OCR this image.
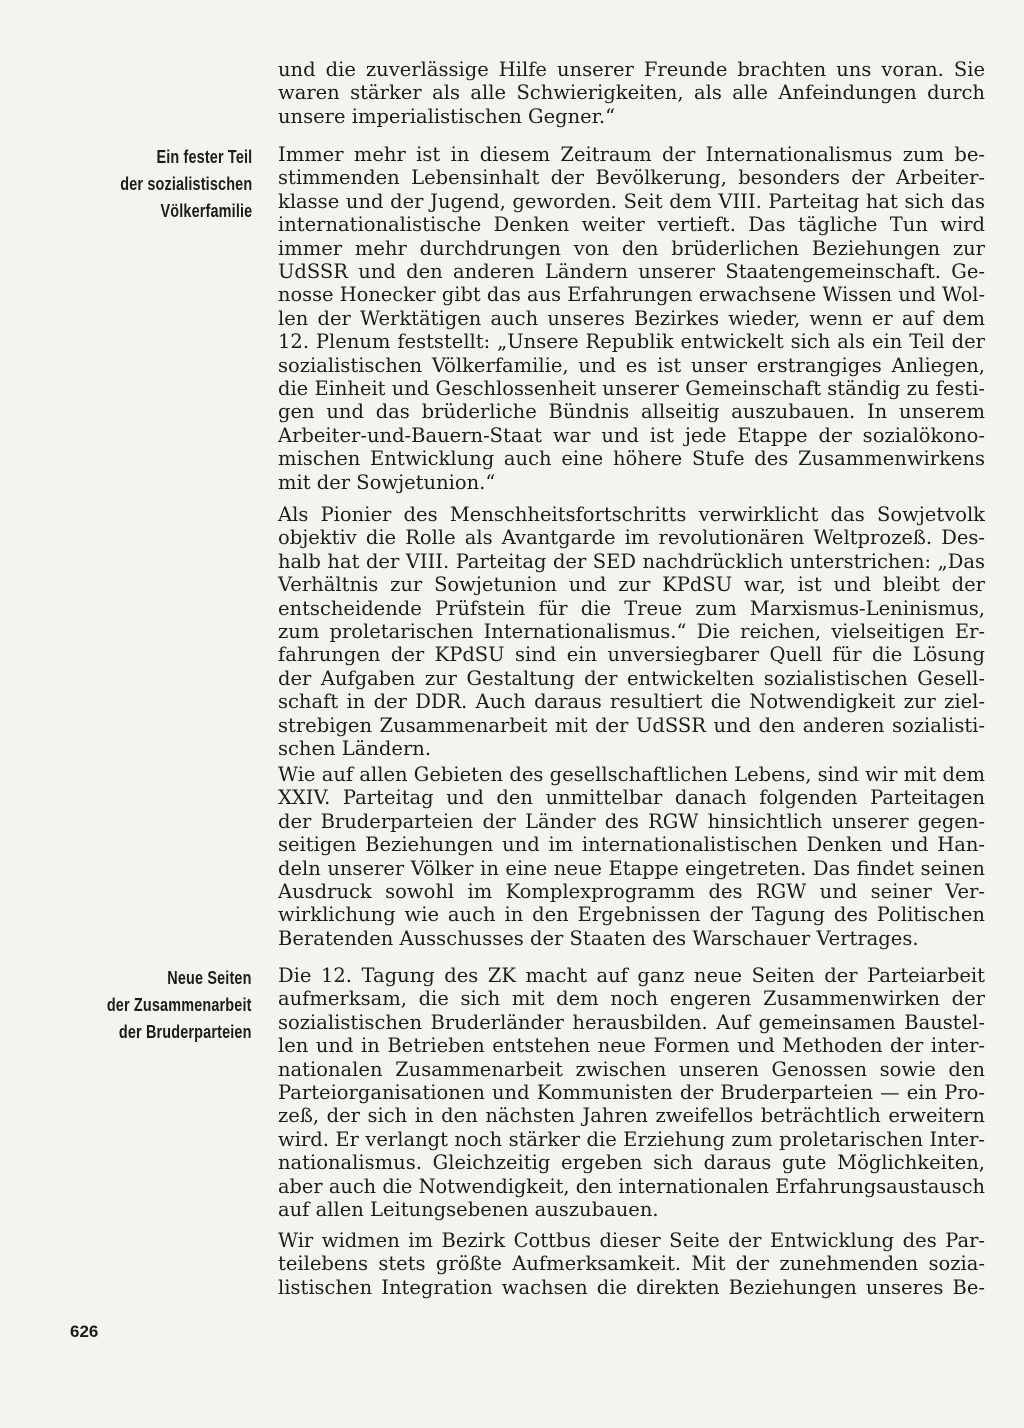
Ein fester Teil
der sozialistischen
Völkerfamilie
Neue Seiten
der Zusammenarbeit
der Bruderparteien
und die zuverlässige Hilfe unserer Freunde brachten uns voran. Sie
waren stärker als alle Schwierigkeiten, als alle Anfeindungen durch
unsere imperialistischen Gegner.“
Immer mehr ist in diesem Zeitraum der Internationalismus zum be-
stimmenden Lebensinhalt der Bevölkerung, besonders der Arbeiter-
klasse und der Jugend, geworden. Seit dem VIII. Parteitag hat sich das
internationalistische Denken weiter vertieft. Das tägliche Tun wird
immer mehr durchdrungen von den brüderlichen Beziehungen zur
UdSSR und den anderen Ländern unserer Staatengemeinschaft. Ge-
nosse Honecker gibt das aus Erfahrungen erwachsene Wissen und Wol-
len der Werktätigen auch unseres Bezirkes wieder, wenn er auf dem
12. Plenum feststellt: „Unsere Republik entwickelt sich als ein Teil der
sozialistischen Völkerfamilie, und es ist unser erstrangiges Anliegen,
die Einheit und Geschlossenheit unserer Gemeinschaft ständig zu festi-
gen und das brüderliche Bündnis allseitig auszubauen. In unserem
Arbeiter-und-Bauern-Staat war und ist jede Etappe der sozialökono-
mischen Entwicklung auch eine höhere Stufe des Zusammenwirkens
mit der Sowjetunion.“
Als Pionier des Menschheitsfortschritts verwirklicht das Sowjetvolk
objektiv die Rolle als Avantgarde im revolutionären Weltprozeß. Des-
halb hat der VIII. Parteitag der SED nachdrücklich unterstrichen: „Das
Verhältnis zur Sowjetunion und zur KPdSU war, ist und bleibt der
entscheidende Prüfstein für die Treue zum Marxismus-Leninismus,
zum proletarischen Internationalismus.“ Die reichen, vielseitigen Er-
fahrungen der KPdSU sind ein unversiegbarer Quell für die Lösung
der Aufgaben zur Gestaltung der entwickelten sozialistischen Gesell-
schaft in der DDR. Auch daraus resultiert die Notwendigkeit zur ziel-
strebigen Zusammenarbeit mit der UdSSR und den anderen sozialisti-
schen Ländern.
Wie auf allen Gebieten des gesellschaftlichen Lebens, sind wir mit dem
XXIV. Parteitag und den unmittelbar danach folgenden Parteitagen
der Bruderparteien der Länder des RGW hinsichtlich unserer gegen-
seitigen Beziehungen und im internationalistischen Denken und Han-
deln unserer Völker in eine neue Etappe eingetreten. Das findet seinen
Ausdruck sowohl im Komplexprogramm des RGW und seiner Ver-
wirklichung wie auch in den Ergebnissen der Tagung des Politischen
Beratenden Ausschusses der Staaten des Warschauer Vertrages.
Die 12. Tagung des ZK macht auf ganz neue Seiten der Parteiarbeit
aufmerksam, die sich mit dem noch engeren Zusammenwirken der
sozialistischen Bruderländer herausbilden. Auf gemeinsamen Baustel-
len und in Betrieben entstehen neue Formen und Methoden der inter-
nationalen Zusammenarbeit zwischen unseren Genossen sowie den
Parteiorganisationen und Kommunisten der Bruderparteien — ein Pro-
zeß, der sich in den nächsten Jahren zweifellos beträchtlich erweitern
wird. Er verlangt noch stärker die Erziehung zum proletarischen Inter-
nationalismus. Gleichzeitig ergeben sich daraus gute Möglichkeiten,
aber auch die Notwendigkeit, den internationalen Erfahrungsaustausch
auf allen Leitungsebenen auszubauen.
Wir widmen im Bezirk Cottbus dieser Seite der Entwicklung des Par-
teilebens stets größte Aufmerksamkeit. Mit der zunehmenden sozia-
listischen Integration wachsen die direkten Beziehungen unseres Be-
626
